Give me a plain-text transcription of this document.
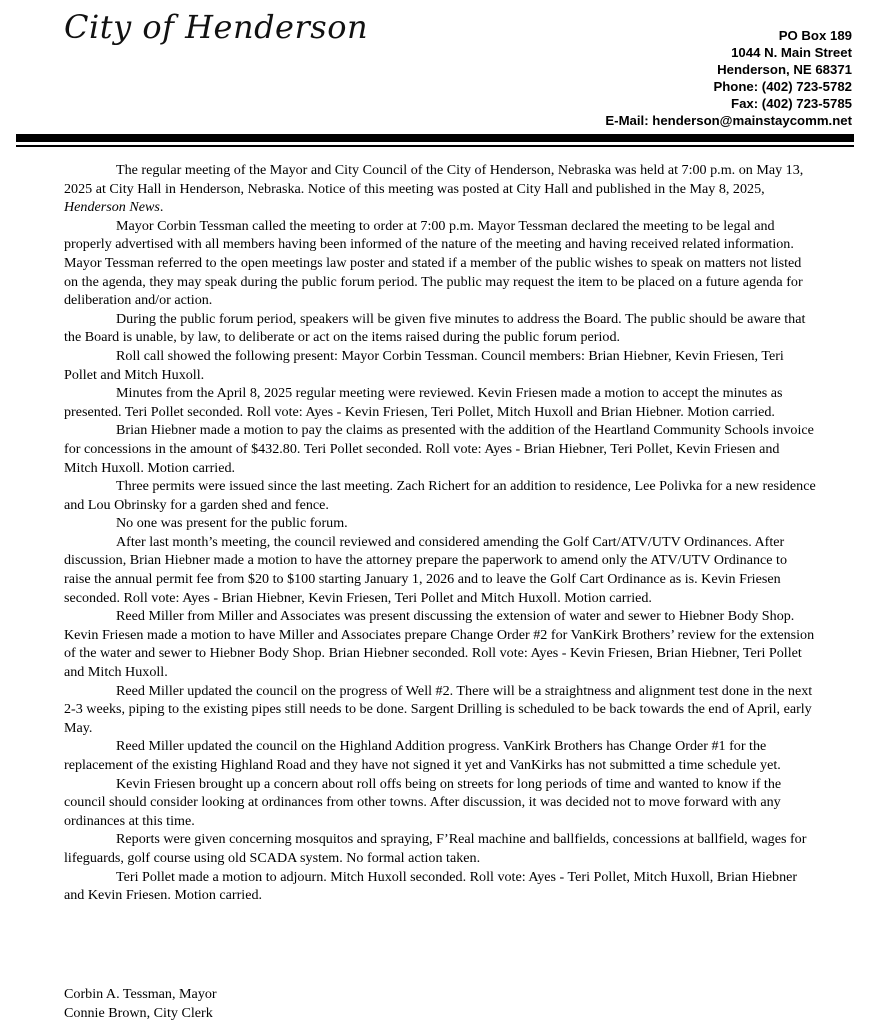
City of Henderson	PO Box 189
1044 N. Main Street
Henderson, NE 68371
Phone: (402) 723-5782
Fax: (402) 723-5785
E-Mail: henderson@mainstaycomm.net

The regular meeting of the Mayor and City Council of the City of Henderson, Nebraska was held at 7:00 p.m. on May 13, 2025 at City Hall in Henderson, Nebraska. Notice of this meeting was posted at City Hall and published in the May 8, 2025, Henderson News.

Mayor Corbin Tessman called the meeting to order at 7:00 p.m. Mayor Tessman declared the meeting to be legal and properly advertised with all members having been informed of the nature of the meeting and having received related information. Mayor Tessman referred to the open meetings law poster and stated if a member of the public wishes to speak on matters not listed on the agenda, they may speak during the public forum period. The public may request the item to be placed on a future agenda for deliberation and/or action.

During the public forum period, speakers will be given five minutes to address the Board. The public should be aware that the Board is unable, by law, to deliberate or act on the items raised during the public forum period.

Roll call showed the following present: Mayor Corbin Tessman. Council members: Brian Hiebner, Kevin Friesen, Teri Pollet and Mitch Huxoll.

Minutes from the April 8, 2025 regular meeting were reviewed. Kevin Friesen made a motion to accept the minutes as presented. Teri Pollet seconded. Roll vote: Ayes - Kevin Friesen, Teri Pollet, Mitch Huxoll and Brian Hiebner. Motion carried.

Brian Hiebner made a motion to pay the claims as presented with the addition of the Heartland Community Schools invoice for concessions in the amount of $432.80. Teri Pollet seconded. Roll vote: Ayes - Brian Hiebner, Teri Pollet, Kevin Friesen and Mitch Huxoll. Motion carried.

Three permits were issued since the last meeting. Zach Richert for an addition to residence, Lee Polivka for a new residence and Lou Obrinsky for a garden shed and fence.

No one was present for the public forum.

After last month’s meeting, the council reviewed and considered amending the Golf Cart/ATV/UTV Ordinances. After discussion, Brian Hiebner made a motion to have the attorney prepare the paperwork to amend only the ATV/UTV Ordinance to raise the annual permit fee from $20 to $100 starting January 1, 2026 and to leave the Golf Cart Ordinance as is. Kevin Friesen seconded. Roll vote: Ayes - Brian Hiebner, Kevin Friesen, Teri Pollet and Mitch Huxoll. Motion carried.

Reed Miller from Miller and Associates was present discussing the extension of water and sewer to Hiebner Body Shop. Kevin Friesen made a motion to have Miller and Associates prepare Change Order #2 for VanKirk Brothers’ review for the extension of the water and sewer to Hiebner Body Shop. Brian Hiebner seconded. Roll vote: Ayes - Kevin Friesen, Brian Hiebner, Teri Pollet and Mitch Huxoll.

Reed Miller updated the council on the progress of Well #2. There will be a straightness and alignment test done in the next 2-3 weeks, piping to the existing pipes still needs to be done. Sargent Drilling is scheduled to be back towards the end of April, early May.

Reed Miller updated the council on the Highland Addition progress. VanKirk Brothers has Change Order #1 for the replacement of the existing Highland Road and they have not signed it yet and VanKirks has not submitted a time schedule yet.

Kevin Friesen brought up a concern about roll offs being on streets for long periods of time and wanted to know if the council should consider looking at ordinances from other towns. After discussion, it was decided not to move forward with any ordinances at this time.

Reports were given concerning mosquitos and spraying, F’Real machine and ballfields, concessions at ballfield, wages for lifeguards, golf course using old SCADA system. No formal action taken.

Teri Pollet made a motion to adjourn. Mitch Huxoll seconded. Roll vote: Ayes - Teri Pollet, Mitch Huxoll, Brian Hiebner and Kevin Friesen. Motion carried.

Corbin A. Tessman, Mayor
Connie Brown, City Clerk
